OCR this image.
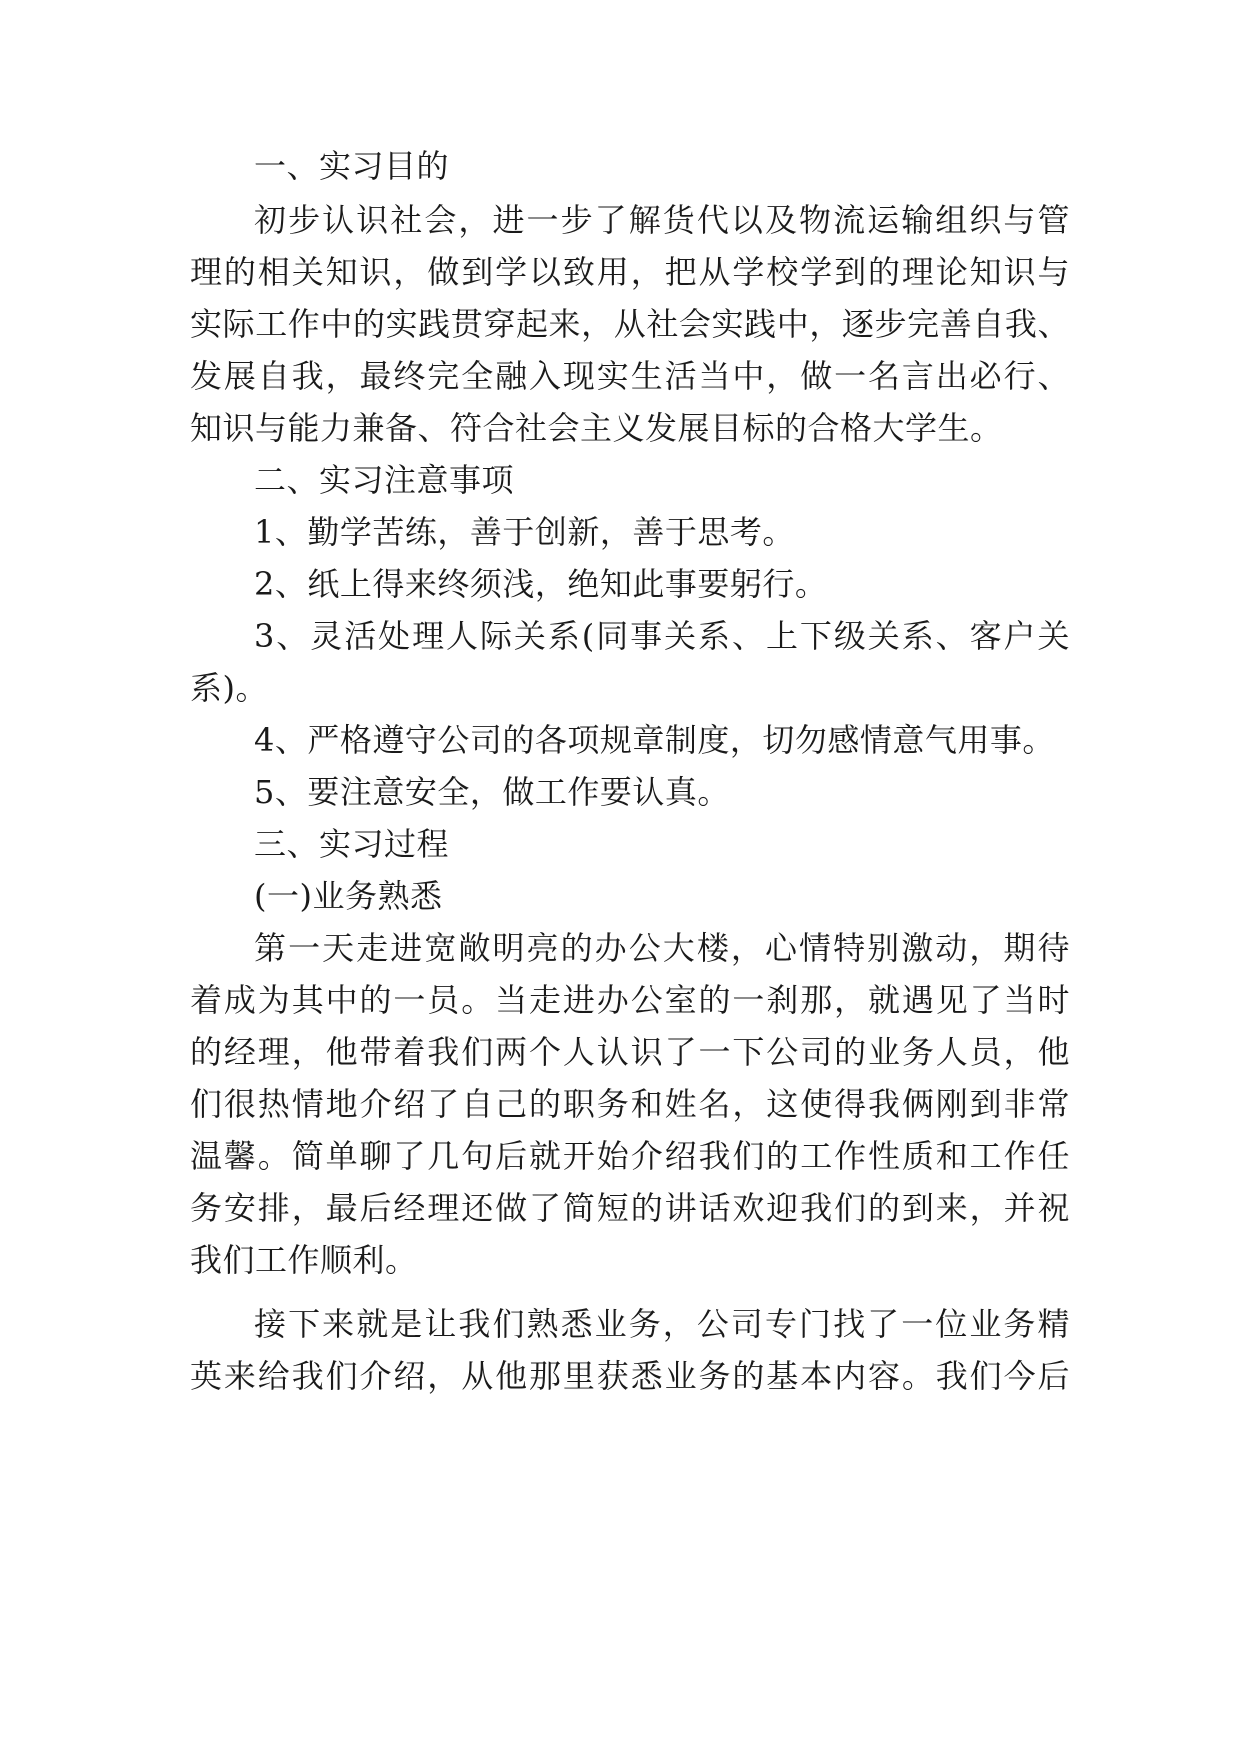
一、实习目的

初步认识社会，进一步了解货代以及物流运输组织与管

理的相关知识，做到学以致用，把从学校学到的理论知识与

实际工作中的实践贯穿起来，从社会实践中，逐步完善自我、

发展自我，最终完全融入现实生活当中，做一名言出必行、

知识与能力兼备、符合社会主义发展目标的合格大学生。

二、实习注意事项

1、勤学苦练，善于创新，善于思考。

2、纸上得来终须浅，绝知此事要躬行。

3、灵活处理人际关系(同事关系、上下级关系、客户关

系)。

4、严格遵守公司的各项规章制度，切勿感情意气用事。

5、要注意安全，做工作要认真。

三、实习过程

(一)业务熟悉

第一天走进宽敞明亮的办公大楼，心情特别激动，期待

着成为其中的一员。当走进办公室的一刹那，就遇见了当时

的经理，他带着我们两个人认识了一下公司的业务人员，他

们很热情地介绍了自己的职务和姓名，这使得我俩刚到非常

温馨。简单聊了几句后就开始介绍我们的工作性质和工作任

务安排，最后经理还做了简短的讲话欢迎我们的到来，并祝

我们工作顺利。

接下来就是让我们熟悉业务，公司专门找了一位业务精

英来给我们介绍，从他那里获悉业务的基本内容。我们今后
